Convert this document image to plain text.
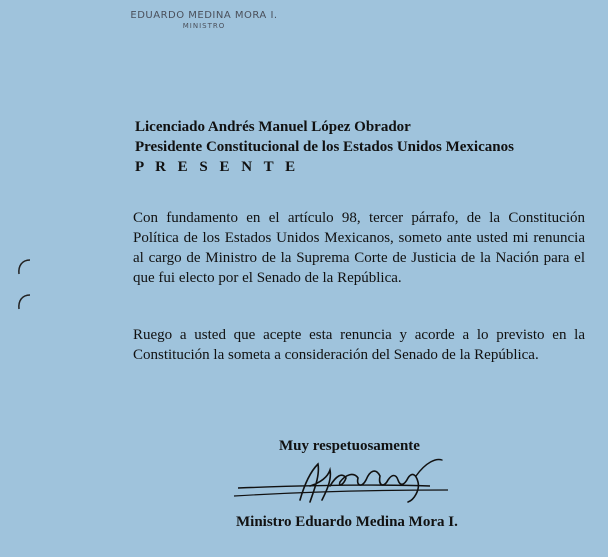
EDUARDO MEDINA MORA I.
MINISTRO
Licenciado Andrés Manuel López Obrador
Presidente Constitucional de los Estados Unidos Mexicanos
P R E S E N T E
Con fundamento en el artículo 98, tercer párrafo, de la Constitución Política de los Estados Unidos Mexicanos, someto ante usted mi renuncia al cargo de Ministro de la Suprema Corte de Justicia de la Nación para el que fui electo por el Senado de la República.
Ruego a usted que acepte esta renuncia y acorde a lo previsto en la Constitución la someta a consideración del Senado de la República.
Muy respetuosamente
Ministro Eduardo Medina Mora I.
